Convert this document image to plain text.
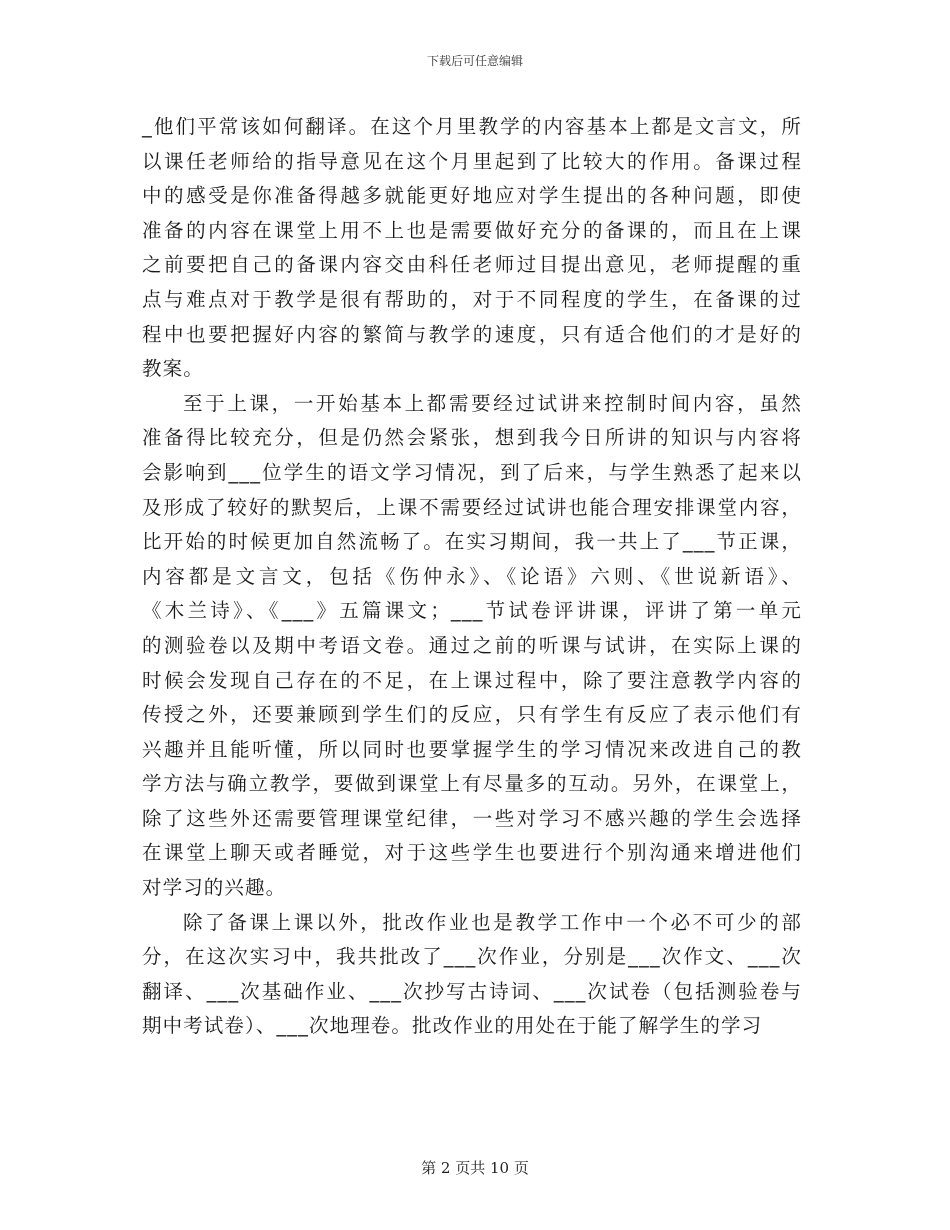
下载后可任意编辑
_他们平常该如何翻译。在这个月里教学的内容基本上都是文言文，所
以课任老师给的指导意见在这个月里起到了比较大的作用。备课过程
中的感受是你准备得越多就能更好地应对学生提出的各种问题，即使
准备的内容在课堂上用不上也是需要做好充分的备课的，而且在上课
之前要把自己的备课内容交由科任老师过目提出意见，老师提醒的重
点与难点对于教学是很有帮助的，对于不同程度的学生，在备课的过
程中也要把握好内容的繁简与教学的速度，只有适合他们的才是好的
教案。
至于上课，一开始基本上都需要经过试讲来控制时间内容，虽然
准备得比较充分，但是仍然会紧张，想到我今日所讲的知识与内容将
会影响到___位学生的语文学习情况，到了后来，与学生熟悉了起来以
及形成了较好的默契后，上课不需要经过试讲也能合理安排课堂内容，
比开始的时候更加自然流畅了。在实习期间，我一共上了___节正课，
内容都是文言文，包括《伤仲永》、《论语》六则、《世说新语》、
《木兰诗》、《___》五篇课文；___节试卷评讲课，评讲了第一单元
的测验卷以及期中考语文卷。通过之前的听课与试讲，在实际上课的
时候会发现自己存在的不足，在上课过程中，除了要注意教学内容的
传授之外，还要兼顾到学生们的反应，只有学生有反应了表示他们有
兴趣并且能听懂，所以同时也要掌握学生的学习情况来改进自己的教
学方法与确立教学，要做到课堂上有尽量多的互动。另外，在课堂上，
除了这些外还需要管理课堂纪律，一些对学习不感兴趣的学生会选择
在课堂上聊天或者睡觉，对于这些学生也要进行个别沟通来增进他们
对学习的兴趣。
除了备课上课以外，批改作业也是教学工作中一个必不可少的部
分，在这次实习中，我共批改了___次作业，分别是___次作文、___次
翻译、___次基础作业、___次抄写古诗词、___次试卷（包括测验卷与
期中考试卷）、___次地理卷。批改作业的用处在于能了解学生的学习
第 2 页共 10 页
